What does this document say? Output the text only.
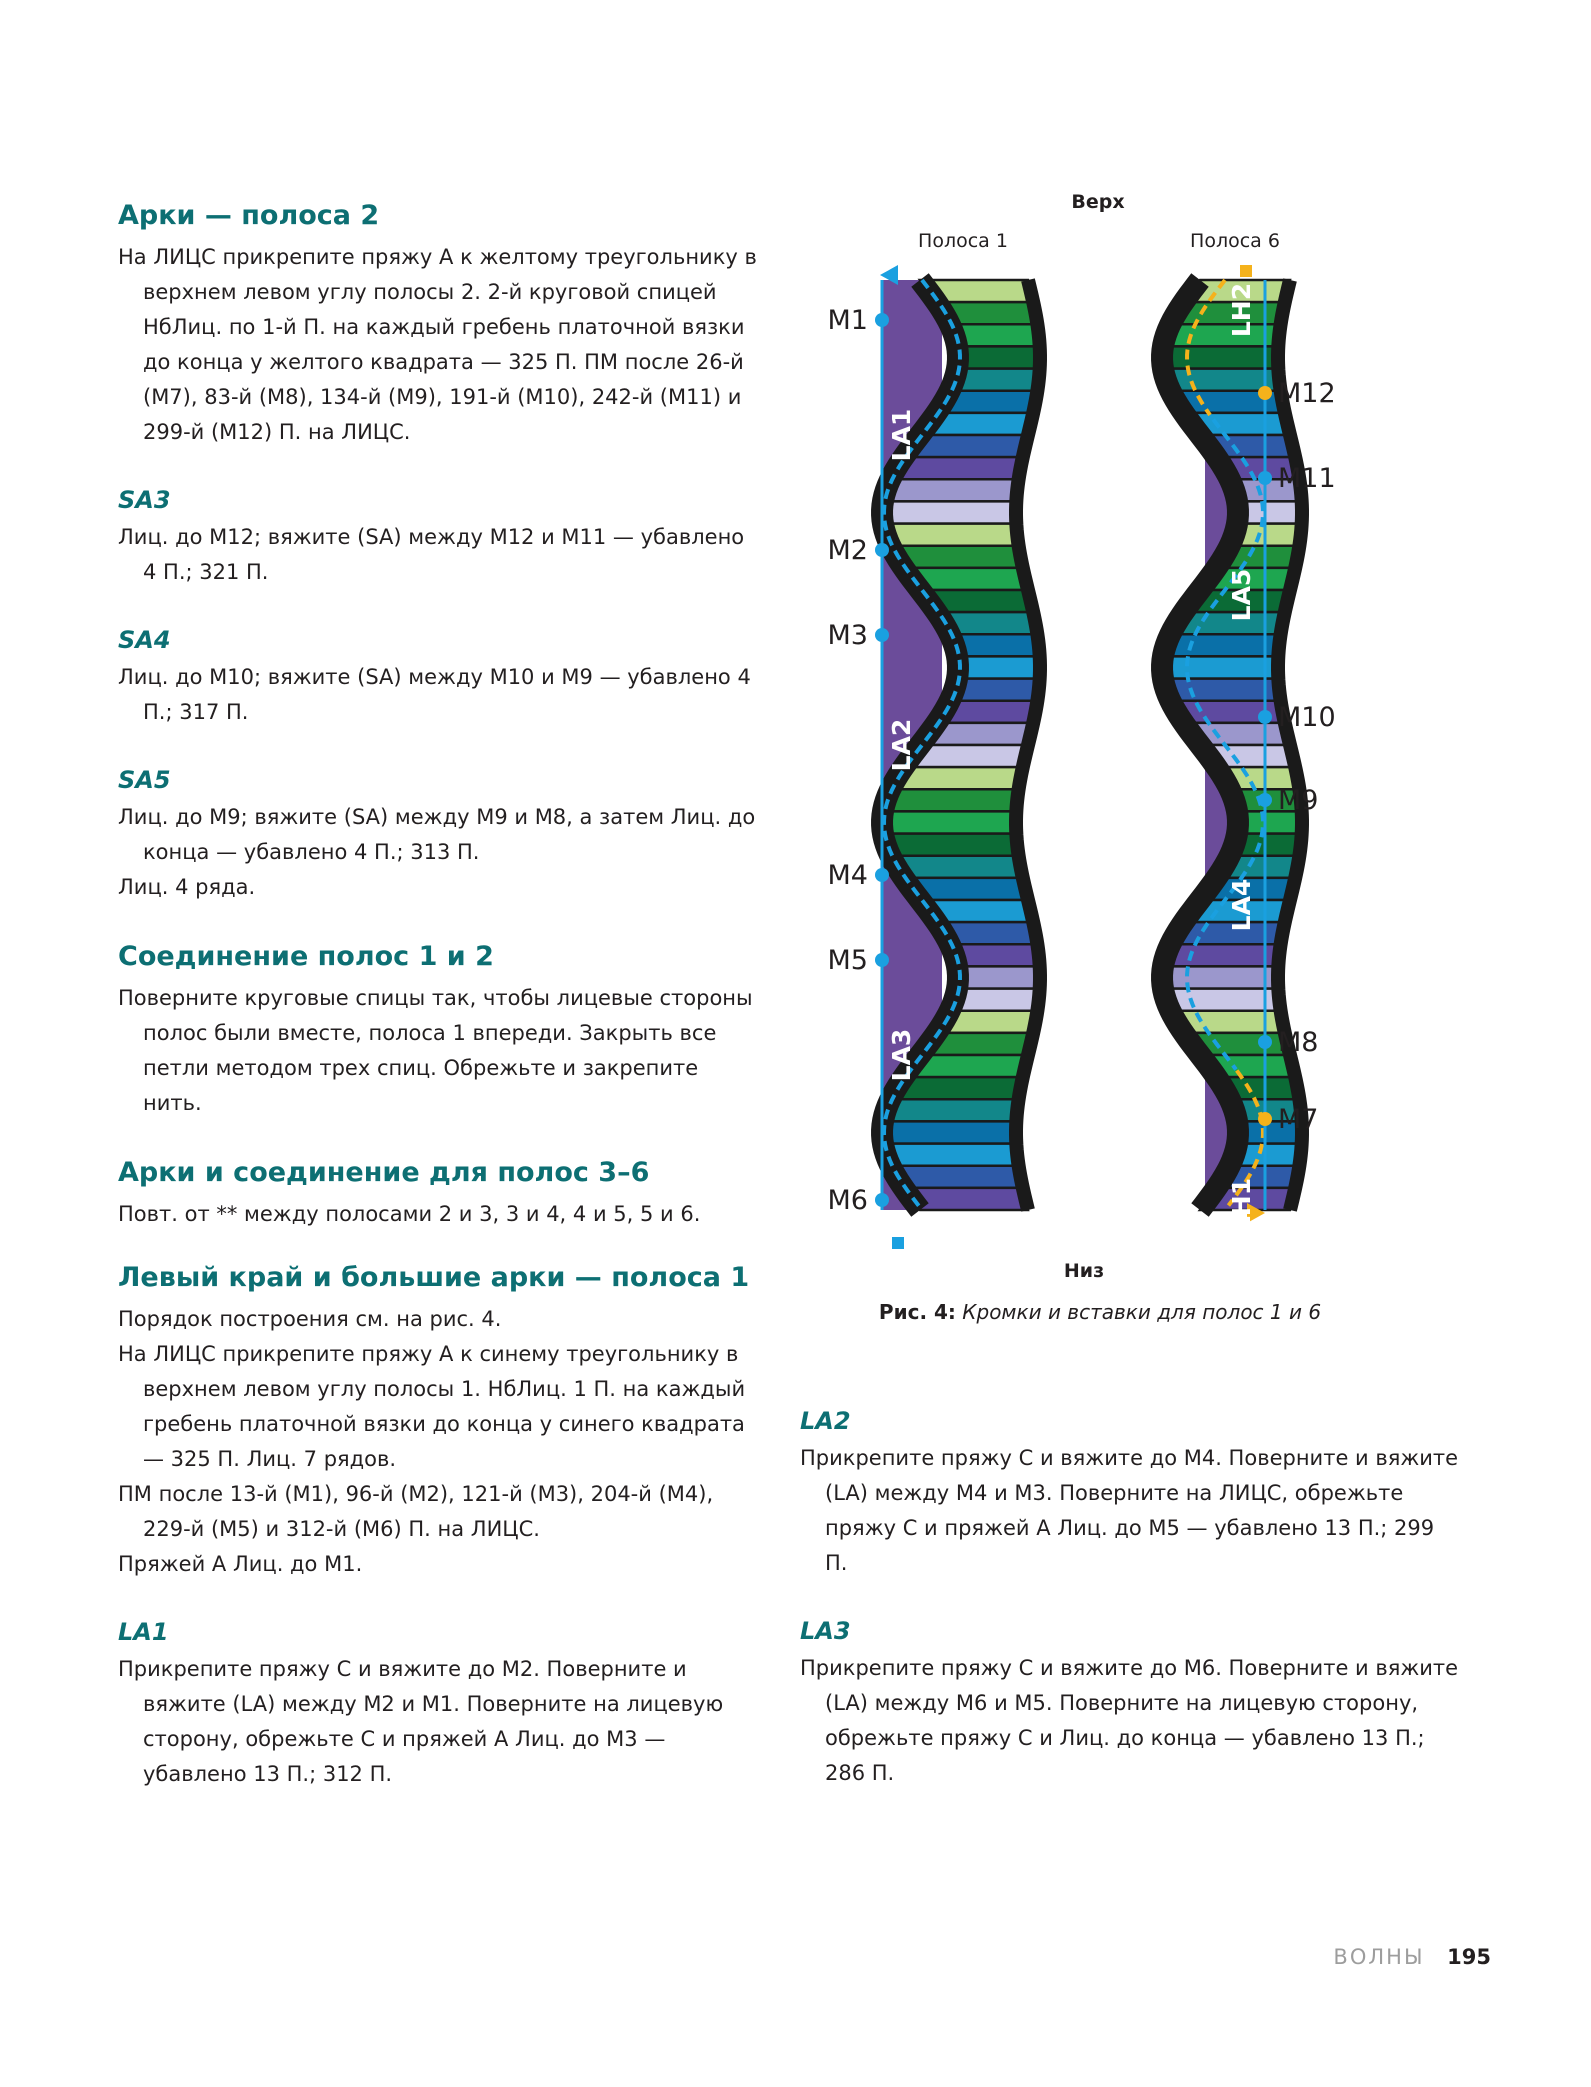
Арки — полоса 2

На ЛИЦС прикрепите пряжу А к желтому треугольнику в верхнем левом углу полосы 2. 2-й круговой спицей НбЛиц. по 1-й П. на каждый гребень платочной вязки до конца у желтого квадрата — 325 П. ПМ после 26-й (М7), 83-й (М8), 134-й (М9), 191-й (М10), 242-й (М11) и 299-й (М12) П. на ЛИЦС.

SA3

Лиц. до М12; вяжите (SA) между М12 и М11 — убавлено 4 П.; 321 П.

SA4

Лиц. до М10; вяжите (SA) между М10 и М9 — убавлено 4 П.; 317 П.

SA5

Лиц. до М9; вяжите (SA) между М9 и М8, а затем Лиц. до конца — убавлено 4 П.; 313 П.

Лиц. 4 ряда.

Соединение полос 1 и 2

Поверните круговые спицы так, чтобы лицевые стороны полос были вместе, полоса 1 впереди. Закрыть все петли методом трех спиц. Обрежьте и закрепите нить.

Арки и соединение для полос 3–6

Повт. от ** между полосами 2 и 3, 3 и 4, 4 и 5, 5 и 6.

Левый край и большие арки — полоса 1

Порядок построения см. на рис. 4.

На ЛИЦС прикрепите пряжу А к синему треугольнику в верхнем левом углу полосы 1. НбЛиц. 1 П. на каждый гребень платочной вязки до конца у синего квадрата — 325 П. Лиц. 7 рядов.

ПМ после 13-й (М1), 96-й (М2), 121-й (М3), 204-й (М4), 229-й (М5) и 312-й (М6) П. на ЛИЦС.

Пряжей А Лиц. до М1.

LA1

Прикрепите пряжу С и вяжите до М2. Поверните и вяжите (LA) между М2 и М1. Поверните на лицевую сторону, обрежьте С и пряжей А Лиц. до М3 — убавлено 13 П.; 312 П.

Верх
Полоса 1	Полоса 6
Низ
M1
M2
M3
M4
M5
M6
M12
M11
M10
M9
M8
M7
LA1
LA2
LA3
LH2
LA5
LA4
LH1
Рис. 4: Кромки и вставки для полос 1 и 6
LA2

Прикрепите пряжу С и вяжите до М4. Поверните и вяжите (LA) между М4 и М3. Поверните на ЛИЦС, обрежьте пряжу С и пряжей А Лиц. до М5 — убавлено 13 П.; 299 П.

LA3

Прикрепите пряжу С и вяжите до М6. Поверните и вяжите (LA) между М6 и М5. Поверните на лицевую сторону, обрежьте пряжу С и Лиц. до конца — убавлено 13 П.; 286 П.

ВОЛНЫ 195
